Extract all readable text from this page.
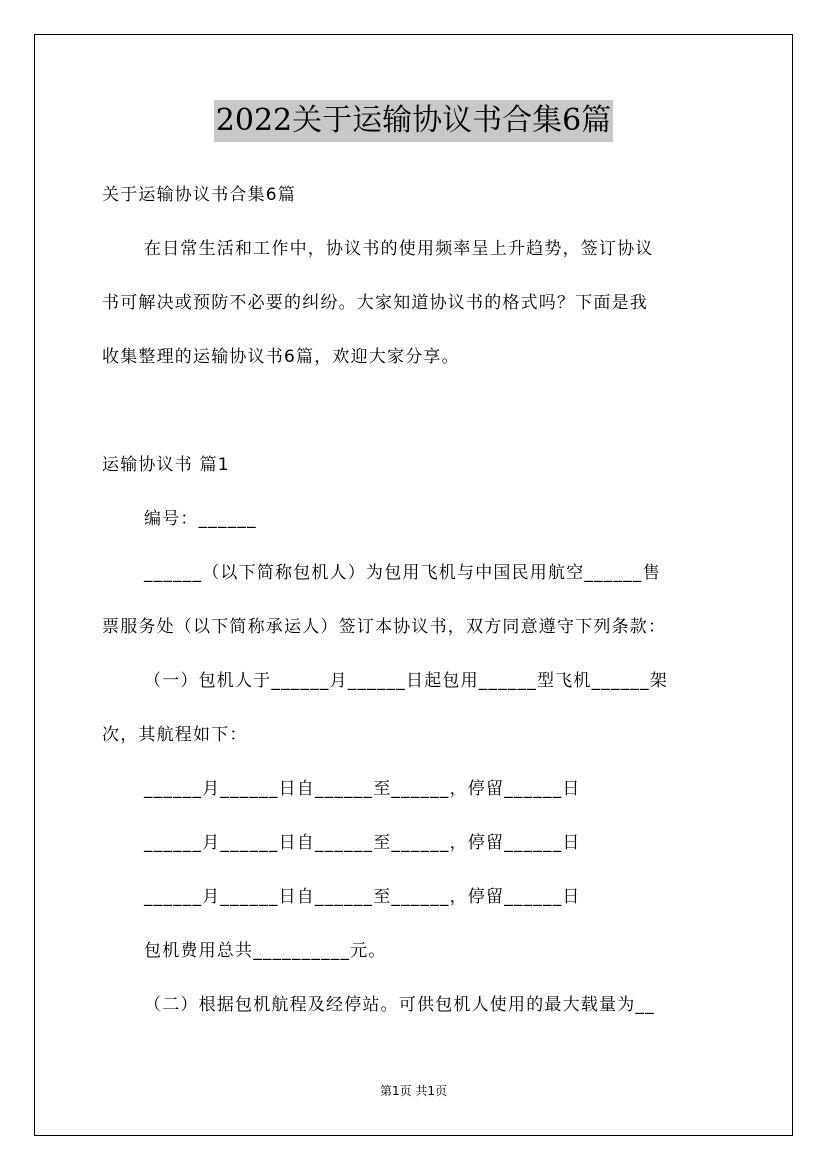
2022关于运输协议书合集6篇
关于运输协议书合集6篇
在日常生活和工作中，协议书的使用频率呈上升趋势，签订协议
书可解决或预防不必要的纠纷。大家知道协议书的格式吗？下面是我
收集整理的运输协议书6篇，欢迎大家分享。
运输协议书 篇1
编号：______
______（以下简称包机人）为包用飞机与中国民用航空______售
票服务处（以下简称承运人）签订本协议书，双方同意遵守下列条款：
（一）包机人于______月______日起包用______型飞机______架
次，其航程如下：
______月______日自______至______，停留______日
______月______日自______至______，停留______日
______月______日自______至______，停留______日
包机费用总共__________元。
（二）根据包机航程及经停站。可供包机人使用的最大载量为__
第1页 共1页
